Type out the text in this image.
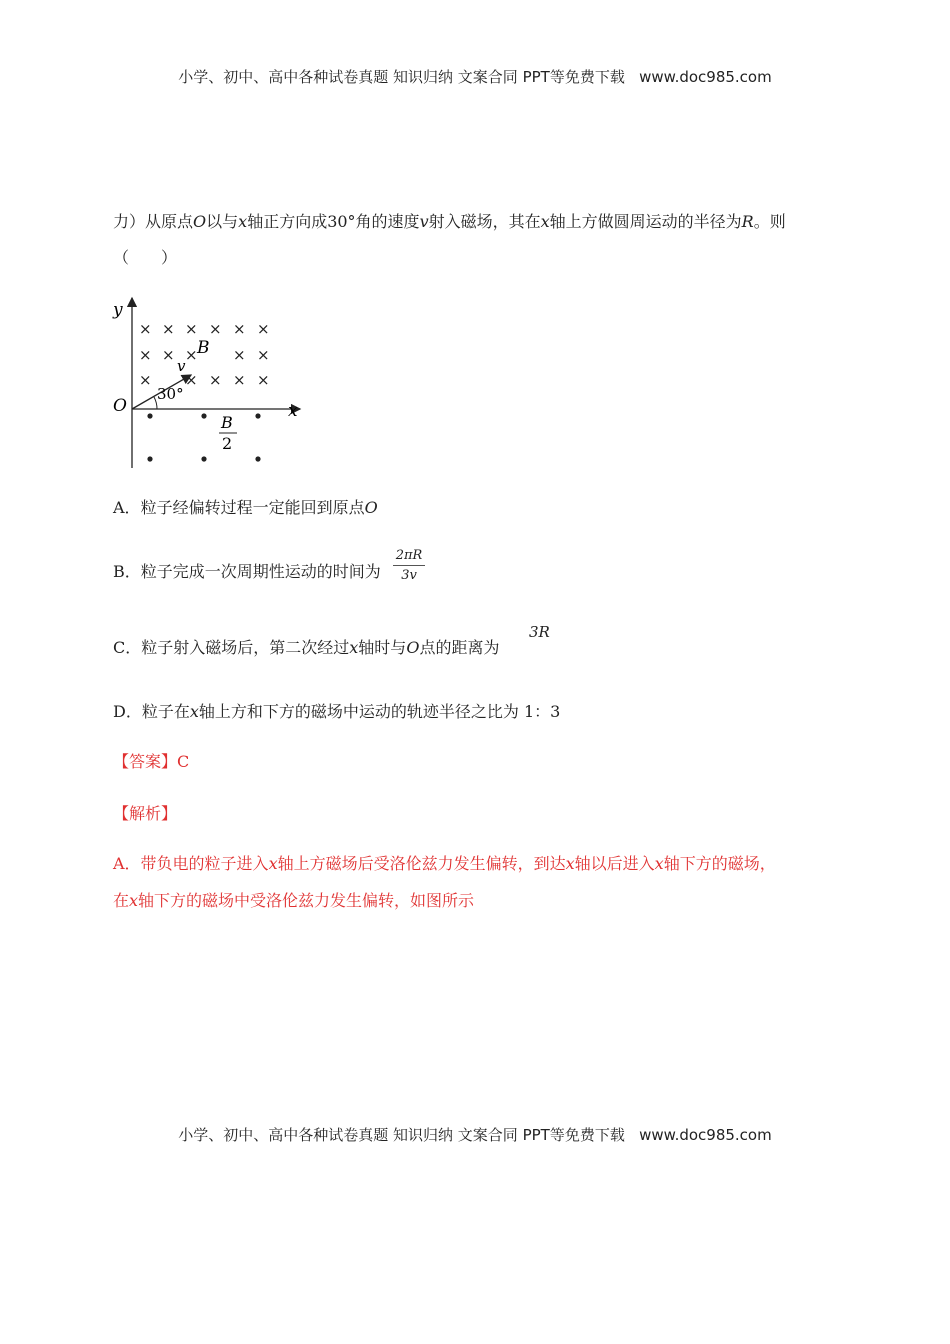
小学、初中、高中各种试卷真题 知识归纳 文案合同 PPT等免费下载 www.doc985.com
力）从原点O以与x轴正方向成30°角的速度v射入磁场，其在x轴上方做圆周运动的半径为R。则
（　　）
y
x
O
× × × × × ×
× × × × ×
× × × × ×
B
v
30°
B
2
A．粒子经偏转过程一定能回到原点O
B．粒子完成一次周期性运动的时间为
2πR
3v
C．粒子射入磁场后，第二次经过x轴时与O点的距离为
3R
D．粒子在x轴上方和下方的磁场中运动的轨迹半径之比为 1：3
【答案】C
【解析】
A．带负电的粒子进入x轴上方磁场后受洛伦兹力发生偏转，到达x轴以后进入x轴下方的磁场，
在x轴下方的磁场中受洛伦兹力发生偏转，如图所示
小学、初中、高中各种试卷真题 知识归纳 文案合同 PPT等免费下载 www.doc985.com
